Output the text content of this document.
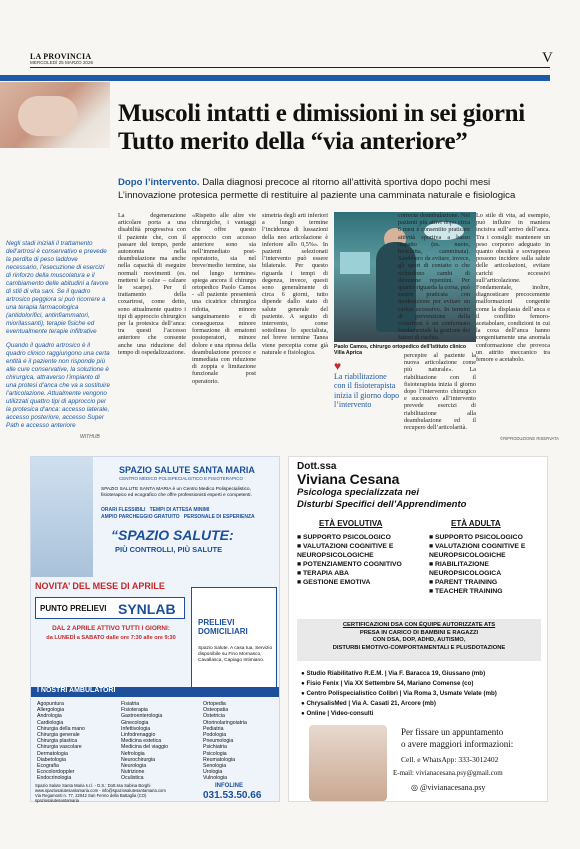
LA PROVINCIA
MERCOLEDÌ 25 MARZO 2026	V

Negli stadi iniziali il trattamento dell’artrosi è conservativo e prevede la perdita di peso laddove necessario, l’esecuzione di esercizi di rinforzo della muscolatura e il cambiamento delle abitudini a favore di stili di vita sani. Se il quadro artrosico peggiora si può ricorrere a una terapia farmacologica (antidolorifici, antinfiammatori, miorilassanti), terapie fisiche ed eventualmente terapie infiltrative

Quando il quadro artrosico è il quadro clinico raggiungono una certa entità e il paziente non risponde più alle cure conservative, la soluzione è chirurgica, attraverso l’impianto di una protesi d’anca che va a sostituire l’articolazione. Attualmente vengono utilizzati quattro tipi di approccio per la protesica d’anca: accesso laterale, accesso posteriore, accesso Super Path e accesso anteriore

Muscoli intatti e dimissioni in sei giorni
Tutto merito della “via anteriore”
Dopo l’intervento. Dalla diagnosi precoce al ritorno all’attività sportiva dopo pochi mesi L’innovazione protesica permette di restituire al paziente una camminata naturale e fisiologica
La degenerazione articolare porta a una disabilità progressiva con il paziente che, con il passare del tempo, perde autonomia nella deambulazione ma anche nella capacità di eseguire normali movimenti (es. mettersi le calze – calzare le scarpe). Per il trattamento della coxartrosi, come detto, sono attualmente quattro i tipi di approccio chirurgico per la protesica dell’anca: tra questi l’accesso anteriore che consente anche una riduzione del tempo di ospedalizzazione.
«Rispetto alle altre vie chirurgiche, i vantaggi che offre questo approccio con accesso anteriore sono sia nell’immediato post-operatorio, sia nel breve/medio termine, sia nel lungo termine» spiega ancora il chirurgo ortopedico Paolo Camos - «Il paziente presenterà una cicatrice chirurgica ridotta, minore sanguinamento e di conseguenza minore formazione di ematomi postoperatori, minore dolore e una ripresa della deambulazione precoce e immediata con riduzione di zoppia e limitazione funzionale post operatorio.
simetria degli arti inferiori a lungo termine l’incidenza di lussazioni della neo articolazione è inferiore allo 0,5%». In pazienti selezionati l’intervento può essere bilaterale. Per questo riguarda i tempi di degenza, invece, questi sono generalmente di circa 6 giorni, tutto dipende dallo stato di salute generale del paziente. A seguito di intervento, come sottolinea lo specialista, nel breve termine Tanea viene percepita come già naturale e fisiologica.
correcta deambulazione. Nei pazienti più attivi dopo circa 6 mesi è consentito praticare attività sportiva a basso impatto (es. nuoto, bicicletta, camminata). Sarebbero da evitare, invece, gli sport di contatto o che richiedono cambi di direzione repentini. Per quanto riguarda la corsa, può essere praticata con moderazione per evitare un carico eccessivo. In termini di prevenzione della coxartrosi è un confermato fondamentale la gestione dei fattori di rischio.
Lo stile di vita, ad esempio, può influire in maniera incisiva sull’arrivo dell’anca. Tra i consigli: mantenere un peso corporeo adeguato in quanto obesità e sovrappeso possono incidere sulla salute delle articolazioni, evitare carichi eccessivi sull’articolazione. Fondamentale, inoltre, diagnosticare precocemente malformazioni congenite come la displasia dell’anca e il conflitto femoro-acetabolare, condizioni in cui la coxa dell’anca hanno congenitamente una anomala conformazione che provoca un attrito meccanico tra femore e acetabolo.
Paolo Camos, chirurgo ortopedico dell’Istituto clinico Villa Aprica
♥
La riabilitazione con il fisioterapista inizia il giorno dopo l’intervento
percepire al paziente la nuova articolazione come più naturale». La riabilitazione con il fisioterapista inizia il giorno dopo l’intervento chirurgico e successivo all’intervento prevede esercizi di riabilitazione alla deambulazione ed il recupero dell’articolarità.
WITHUB	©RIPRODUZIONE RISERVATA
SPAZIO SALUTE SANTA MARIA
CENTRO MEDICO POLISPECIALISTICO E FISIOTERAPICO
SPAZIO SALUTE SANTA MARIA è un Centro Medico Polispecialistico, fisioterapico ed ecografico che offre professionisti esperti e competenti.
ORARI FLESSIBILI TEMPI DI ATTESA MINIMI
AMPIO PARCHEGGIO GRATUITO PERSONALE DI ESPERIENZA
“SPAZIO SALUTE:
PIÙ CONTROLLI, PIÙ SALUTE
NOVITA’ DEL MESE DI APRILE
PUNTO PRELIEVI SYNLAB
DAL 2 APRILE ATTIVO TUTTI I GIORNI:
da LUNEDÌ a SABATO dalle ore 7:30 alle ore 9:30
PRELIEVI DOMICILIARI
Spazio Salute. A casa tua. Servizio disponibile su Fino Mornasco, Cavallasca, Capiago Intimiano.
I NOSTRI AMBULATORI
Agopuntura
Allergologia
Andrologia
Cardiologia
Chirurgia della mano
Chirurgia generale
Chirurgia plastica
Chirurgia vascolare
Dermatologia
Diabetologia
Ecografia
Ecocolordoppler
Endocrinologia
Fisiatria
Fisioterapia
Gastroenterologia
Ginecologia
Infettivologia
Linfodrenaggio
Medicina estetica
Medicina del viaggio
Nefrologia
Neurochirurgia
Neurologia
Nutrizione
Oculistica
Ortopedia
Osteopatia
Ostetricia
Otorinolaringoiatria
Pediatria
Podologia
Pneumologia
Psichiatria
Psicologia
Reumatologia
Senologia
Urologia
Vulnologia
Spazio Salute Santa Maria s.r.l. - D.S.: Dott.ssa Sabina Borghi
www.spaziosalutesantamaria.com - info@spaziosalutesantamaria.com
Via Regamonti n. 77, 22042 San Fermo della Battaglia (CO)
spaziosalutesantamaria
INFOLINE
031.53.50.66
Dott.ssa
Viviana Cesana
Psicologa specializzata nei
Disturbi Specifici dell’Apprendimento
ETÀ EVOLUTIVA	ETÀ ADULTA
■ SUPPORTO PSICOLOGICO
■ VALUTAZIONI COGNITIVE E NEUROPSICOLOGICHE
■ POTENZIAMENTO COGNITIVO
■ TERAPIA ABA
■ GESTIONE EMOTIVA
■ SUPPORTO PSICOLOGICO
■ VALUTAZIONI COGNITIVE E NEUROPSICOLOGICHE
■ RIABILITAZIONE NEUROPSICOLOGICA
■ PARENT TRAINING
■ TEACHER TRAINING
CERTIFICAZIONI DSA CON ÉQUIPE AUTORIZZATE ATS
PRESA IN CARICO DI BAMBINI E RAGAZZI
CON DSA, DOP, ADHD, AUTISMO,
DISTURBI EMOTIVO-COMPORTAMENTALI E PLUSDOTAZIONE
● Studio Riabilitativo R.E.M. | Via F. Baracca 19, Giussano (mb)
● Fisio Fenix | Via XX Settembre 54, Mariano Comense (co)
● Centro Polispecialistico Colibrì | Via Roma 3, Usmate Velate (mb)
● ChrysalisMed | Via A. Casati 21, Arcore (mb)
● Online | Video-consulti
Per fissare un appuntamento
o avere maggiori informazioni:
Cell. e WhatsApp: 333-3012402
E-mail: vivianacesana.psy@gmail.com
◎ @vivianacesana.psy
